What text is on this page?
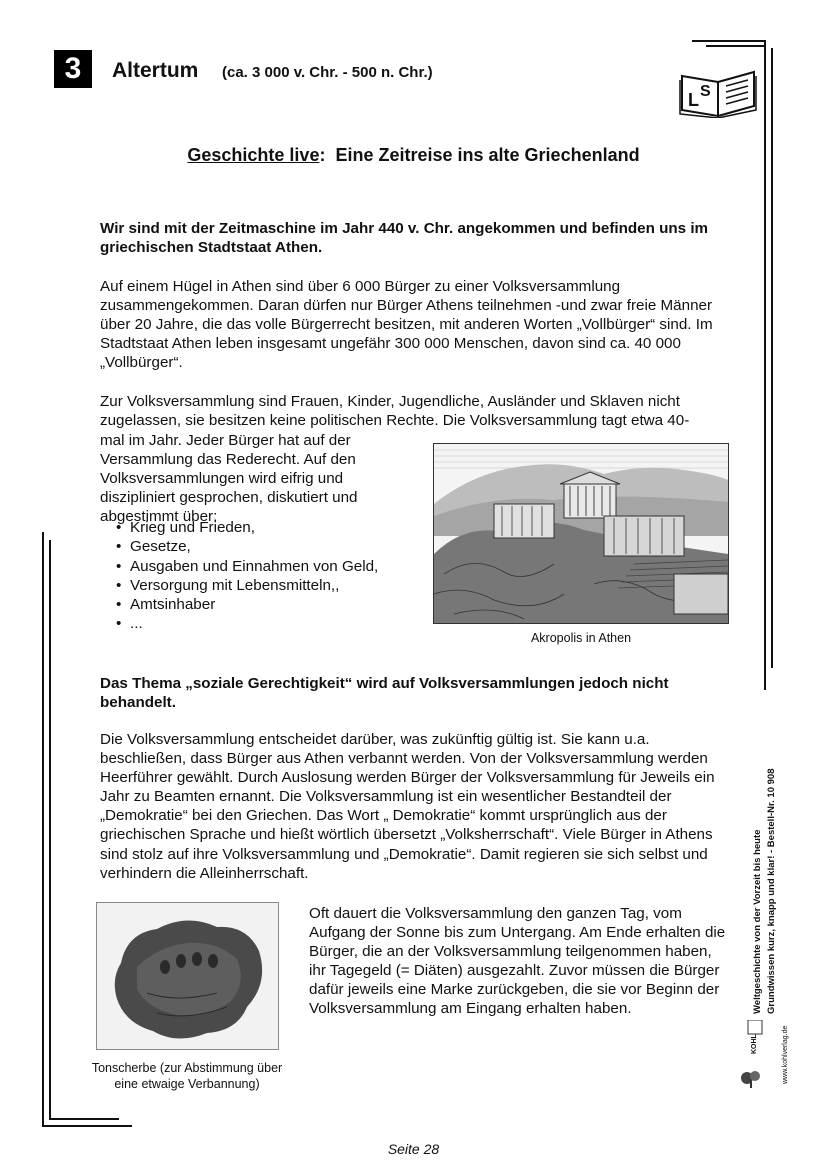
3	Altertum (ca. 3 000 v. Chr. - 500 n. Chr.)
L S
Geschichte live:  Eine Zeitreise ins alte Griechenland

Wir sind mit der Zeitmaschine im Jahr 440 v. Chr. angekommen und befinden uns im griechischen Stadtstaat Athen.

Auf einem Hügel in Athen sind über 6 000 Bürger zu einer Volksversammlung zusammengekommen. Daran dürfen nur Bürger Athens teilnehmen -und zwar freie Männer über 20 Jahre, die das volle Bürgerrecht besitzen, mit anderen Worten „Vollbürger“ sind. Im Stadtstaat Athen leben insgesamt ungefähr 300 000 Menschen, davon sind ca. 40 000 „Vollbürger“.

Zur Volksversammlung sind Frauen, Kinder, Jugendliche, Ausländer und Sklaven nicht zugelassen, sie besitzen keine politischen Rechte. Die Volksversammlung tagt etwa 40-

mal im Jahr. Jeder Bürger hat auf der Versammlung das Rederecht. Auf den Volksversammlungen wird eifrig und diszipliniert gesprochen, diskutiert und abgestimmt über:

• Krieg und Frieden,
• Gesetze,
• Ausgaben und Einnahmen von Geld,
• Versorgung mit Lebensmitteln,,
• Amtsinhaber
• ...
Akropolis in Athen

Das Thema „soziale Gerechtigkeit“ wird auf Volksversammlungen jedoch nicht behandelt.

Die Volksversammlung entscheidet darüber, was zukünftig gültig ist. Sie kann u.a. beschließen, dass Bürger aus Athen verbannt werden. Von der Volksversammlung werden Heerführer gewählt. Durch Auslosung werden Bürger der Volksversammlung für Jeweils ein Jahr zu Beamten ernannt. Die Volksversammlung ist ein wesentlicher Bestandteil der „Demokratie“ bei den Griechen. Das Wort „ Demokratie“ kommt ursprünglich aus der griechischen Sprache und hießt wörtlich übersetzt „Volksherrschaft“. Viele Bürger in Athens sind stolz auf ihre Volksversammlung und „Demokratie“. Damit regieren sie sich selbst und verhindern die Alleinherrschaft.

Tonscherbe (zur Abstimmung über eine etwaige Verbannung)

Oft dauert die Volksversammlung den ganzen Tag, vom Aufgang der Sonne bis zum Untergang. Am Ende erhalten die Bürger, die an der Volksversammlung teilgenommen haben, ihr Tagegeld (= Diäten) ausgezahlt. Zuvor müssen die Bürger dafür jeweils eine Marke zurückgeben, die sie vor Beginn der Volksversammlung am Eingang erhalten haben.

Seite 28
Weltgeschichte von der Vorzeit bis heute Grundwissen kurz, knapp und klar! - Bestell-Nr. 10 908
www.kohlverlag.de
KOHL
